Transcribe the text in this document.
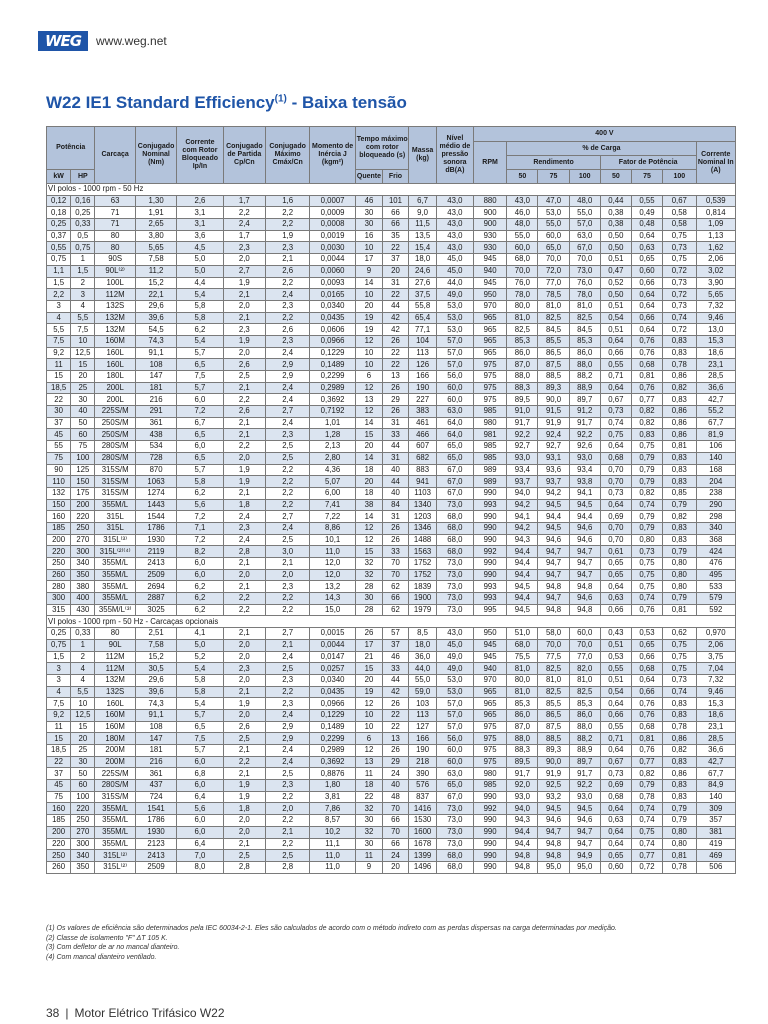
WEG	www.weg.net
W22 IE1 Standard Efficiency$^{(1)}$ - Baixa tensão
Potência		Carcaça	Conjugado Nominal (Nm)	Corrente com Rotor Bloqueado Ip/In	Conjugado de Partida Cp/Cn	Conjugado Máximo Cmáx/Cn	Momento de Inércia J (kgm²)	Tempo máximo com rotor bloqueado (s)		Massa (kg)	Nível médio de pressão sonora dB(A)	400 V							
												RPM	% de Carga						Corrente Nominal In (A)
													Rendimento			Fator de Potência			
kW	HP							Quente	Frio				50	75	100	50	75	100	
VI polos - 1000 rpm - 50 Hz																			
0,12	0,16	63	1,30	2,6	1,7	1,6	0,0007	46	101	6,7	43,0	880	43,0	47,0	48,0	0,44	0,55	0,67	0,539
0,18	0,25	71	1,91	3,1	2,2	2,2	0,0009	30	66	9,0	43,0	900	46,0	53,0	55,0	0,38	0,49	0,58	0,814
0,25	0,33	71	2,65	3,1	2,4	2,2	0,0008	30	66	11,5	43,0	900	48,0	55,0	57,0	0,38	0,48	0,58	1,09
0,37	0,5	80	3,80	3,6	1,7	1,9	0,0019	16	35	13,5	43,0	930	55,0	60,0	63,0	0,50	0,64	0,75	1,13
0,55	0,75	80	5,65	4,5	2,3	2,3	0,0030	10	22	15,4	43,0	930	60,0	65,0	67,0	0,50	0,63	0,73	1,62
0,75	1	90S	7,58	5,0	2,0	2,1	0,0044	17	37	18,0	45,0	945	68,0	70,0	70,0	0,51	0,65	0,75	2,06
1,1	1,5	90L⁽²⁾	11,2	5,0	2,7	2,6	0,0060	9	20	24,6	45,0	940	70,0	72,0	73,0	0,47	0,60	0,72	3,02
1,5	2	100L	15,2	4,4	1,9	2,2	0,0093	14	31	27,6	44,0	945	76,0	77,0	76,0	0,52	0,66	0,73	3,90
2,2	3	112M	22,1	5,4	2,1	2,4	0,0165	10	22	37,5	49,0	950	78,0	78,5	78,0	0,50	0,64	0,72	5,65
3	4	132S	29,6	5,8	2,0	2,3	0,0340	20	44	55,8	53,0	970	80,0	81,0	81,0	0,51	0,64	0,73	7,32
4	5,5	132M	39,6	5,8	2,1	2,2	0,0435	19	42	65,4	53,0	965	81,0	82,5	82,5	0,54	0,66	0,74	9,46
5,5	7,5	132M	54,5	6,2	2,3	2,6	0,0606	19	42	77,1	53,0	965	82,5	84,5	84,5	0,51	0,64	0,72	13,0
7,5	10	160M	74,3	5,4	1,9	2,3	0,0966	12	26	104	57,0	965	85,3	85,5	85,3	0,64	0,76	0,83	15,3
9,2	12,5	160L	91,1	5,7	2,0	2,4	0,1229	10	22	113	57,0	965	86,0	86,5	86,0	0,66	0,76	0,83	18,6
11	15	160L	108	6,5	2,6	2,9	0,1489	10	22	126	57,0	975	87,0	87,5	88,0	0,55	0,68	0,78	23,1
15	20	180L	147	7,5	2,5	2,9	0,2299	6	13	166	56,0	975	88,0	88,5	88,2	0,71	0,81	0,86	28,5
18,5	25	200L	181	5,7	2,1	2,4	0,2989	12	26	190	60,0	975	88,3	89,3	88,9	0,64	0,76	0,82	36,6
22	30	200L	216	6,0	2,2	2,4	0,3692	13	29	227	60,0	975	89,5	90,0	89,7	0,67	0,77	0,83	42,7
30	40	225S/M	291	7,2	2,6	2,7	0,7192	12	26	383	63,0	985	91,0	91,5	91,2	0,73	0,82	0,86	55,2
37	50	250S/M	361	6,7	2,1	2,4	1,01	14	31	461	64,0	980	91,7	91,9	91,7	0,74	0,82	0,86	67,7
45	60	250S/M	438	6,5	2,1	2,3	1,28	15	33	466	64,0	981	92,2	92,4	92,2	0,75	0,83	0,86	81,9
55	75	280S/M	534	6,0	2,2	2,5	2,13	20	44	607	65,0	985	92,7	92,7	92,6	0,64	0,75	0,81	106
75	100	280S/M	728	6,5	2,0	2,5	2,80	14	31	682	65,0	985	93,0	93,1	93,0	0,68	0,79	0,83	140
90	125	315S/M	870	5,7	1,9	2,2	4,36	18	40	883	67,0	989	93,4	93,6	93,4	0,70	0,79	0,83	168
110	150	315S/M	1063	5,8	1,9	2,2	5,07	20	44	941	67,0	989	93,7	93,7	93,8	0,70	0,79	0,83	204
132	175	315S/M	1274	6,2	2,1	2,2	6,00	18	40	1103	67,0	990	94,0	94,2	94,1	0,73	0,82	0,85	238
150	200	355M/L	1443	5,6	1,8	2,2	7,41	38	84	1340	73,0	993	94,2	94,5	94,5	0,64	0,74	0,79	290
160	220	315L	1544	7,2	2,4	2,7	7,22	14	31	1203	68,0	990	94,1	94,4	94,4	0,69	0,79	0,82	298
185	250	315L	1786	7,1	2,3	2,4	8,86	12	26	1346	68,0	990	94,2	94,5	94,6	0,70	0,79	0,83	340
200	270	315L⁽³⁾	1930	7,2	2,4	2,5	10,1	12	26	1488	68,0	990	94,3	94,6	94,6	0,70	0,80	0,83	368
220	300	315L⁽²⁾⁽⁴⁾	2119	8,2	2,8	3,0	11,0	15	33	1563	68,0	992	94,4	94,7	94,7	0,61	0,73	0,79	424
250	340	355M/L	2413	6,0	2,1	2,1	12,0	32	70	1752	73,0	990	94,4	94,7	94,7	0,65	0,75	0,80	476
260	350	355M/L	2509	6,0	2,0	2,0	12,0	32	70	1752	73,0	990	94,4	94,7	94,7	0,65	0,75	0,80	495
280	380	355M/L	2694	6,2	2,1	2,3	13,2	28	62	1839	73,0	993	94,5	94,8	94,8	0,64	0,75	0,80	533
300	400	355M/L	2887	6,2	2,2	2,2	14,3	30	66	1900	73,0	993	94,4	94,7	94,6	0,63	0,74	0,79	579
315	430	355M/L⁽³⁾	3025	6,2	2,2	2,2	15,0	28	62	1979	73,0	995	94,5	94,8	94,8	0,66	0,76	0,81	592
VI polos - 1000 rpm - 50 Hz - Carcaças opcionais																			
0,25	0,33	80	2,51	4,1	2,1	2,7	0,0015	26	57	8,5	43,0	950	51,0	58,0	60,0	0,43	0,53	0,62	0,970
0,75	1	90L	7,58	5,0	2,0	2,1	0,0044	17	37	18,0	45,0	945	68,0	70,0	70,0	0,51	0,65	0,75	2,06
1,5	2	112M	15,2	5,2	2,0	2,4	0,0147	21	46	36,0	49,0	945	75,5	77,5	77,0	0,53	0,66	0,75	3,75
3	4	112M	30,5	5,4	2,3	2,5	0,0257	15	33	44,0	49,0	940	81,0	82,5	82,0	0,55	0,68	0,75	7,04
3	4	132M	29,6	5,8	2,0	2,3	0,0340	20	44	55,0	53,0	970	80,0	81,0	81,0	0,51	0,64	0,73	7,32
4	5,5	132S	39,6	5,8	2,1	2,2	0,0435	19	42	59,0	53,0	965	81,0	82,5	82,5	0,54	0,66	0,74	9,46
7,5	10	160L	74,3	5,4	1,9	2,3	0,0966	12	26	103	57,0	965	85,3	85,5	85,3	0,64	0,76	0,83	15,3
9,2	12,5	160M	91,1	5,7	2,0	2,4	0,1229	10	22	113	57,0	965	86,0	86,5	86,0	0,66	0,76	0,83	18,6
11	15	160M	108	6,5	2,6	2,9	0,1489	10	22	127	57,0	975	87,0	87,5	88,0	0,55	0,68	0,78	23,1
15	20	180M	147	7,5	2,5	2,9	0,2299	6	13	166	56,0	975	88,0	88,5	88,2	0,71	0,81	0,86	28,5
18,5	25	200M	181	5,7	2,1	2,4	0,2989	12	26	190	60,0	975	88,3	89,3	88,9	0,64	0,76	0,82	36,6
22	30	200M	216	6,0	2,2	2,4	0,3692	13	29	218	60,0	975	89,5	90,0	89,7	0,67	0,77	0,83	42,7
37	50	225S/M	361	6,8	2,1	2,5	0,8876	11	24	390	63,0	980	91,7	91,9	91,7	0,73	0,82	0,86	67,7
45	60	280S/M	437	6,0	1,9	2,3	1,80	18	40	576	65,0	985	92,0	92,5	92,2	0,69	0,79	0,83	84,9
75	100	315S/M	724	6,4	1,9	2,2	3,81	22	48	837	67,0	990	93,0	93,2	93,0	0,68	0,78	0,83	140
160	220	355M/L	1541	5,6	1,8	2,0	7,86	32	70	1416	73,0	992	94,0	94,5	94,5	0,64	0,74	0,79	309
185	250	355M/L	1786	6,0	2,0	2,2	8,57	30	66	1530	73,0	990	94,3	94,6	94,6	0,63	0,74	0,79	357
200	270	355M/L	1930	6,0	2,0	2,1	10,2	32	70	1600	73,0	990	94,4	94,7	94,7	0,64	0,75	0,80	381
220	300	355M/L	2123	6,4	2,1	2,2	11,1	30	66	1678	73,0	990	94,4	94,8	94,7	0,64	0,74	0,80	419
250	340	315L⁽²⁾	2413	7,0	2,5	2,5	11,0	11	24	1399	68,0	990	94,8	94,8	94,9	0,65	0,77	0,81	469
260	350	315L⁽²⁾	2509	8,0	2,8	2,8	11,0	9	20	1496	68,0	990	94,8	95,0	95,0	0,60	0,72	0,78	506
(1) Os valores de eficiência são determinados pela IEC 60034-2-1. Eles são calculados de acordo com o método indireto com as perdas dispersas na carga determinadas por medição.
(2) Classe de isolamento "F" ΔT 105 K.
(3) Com defletor de ar no mancal dianteiro.
(4) Com mancal dianteiro ventilado.
38 | Motor Elétrico Trifásico W22
